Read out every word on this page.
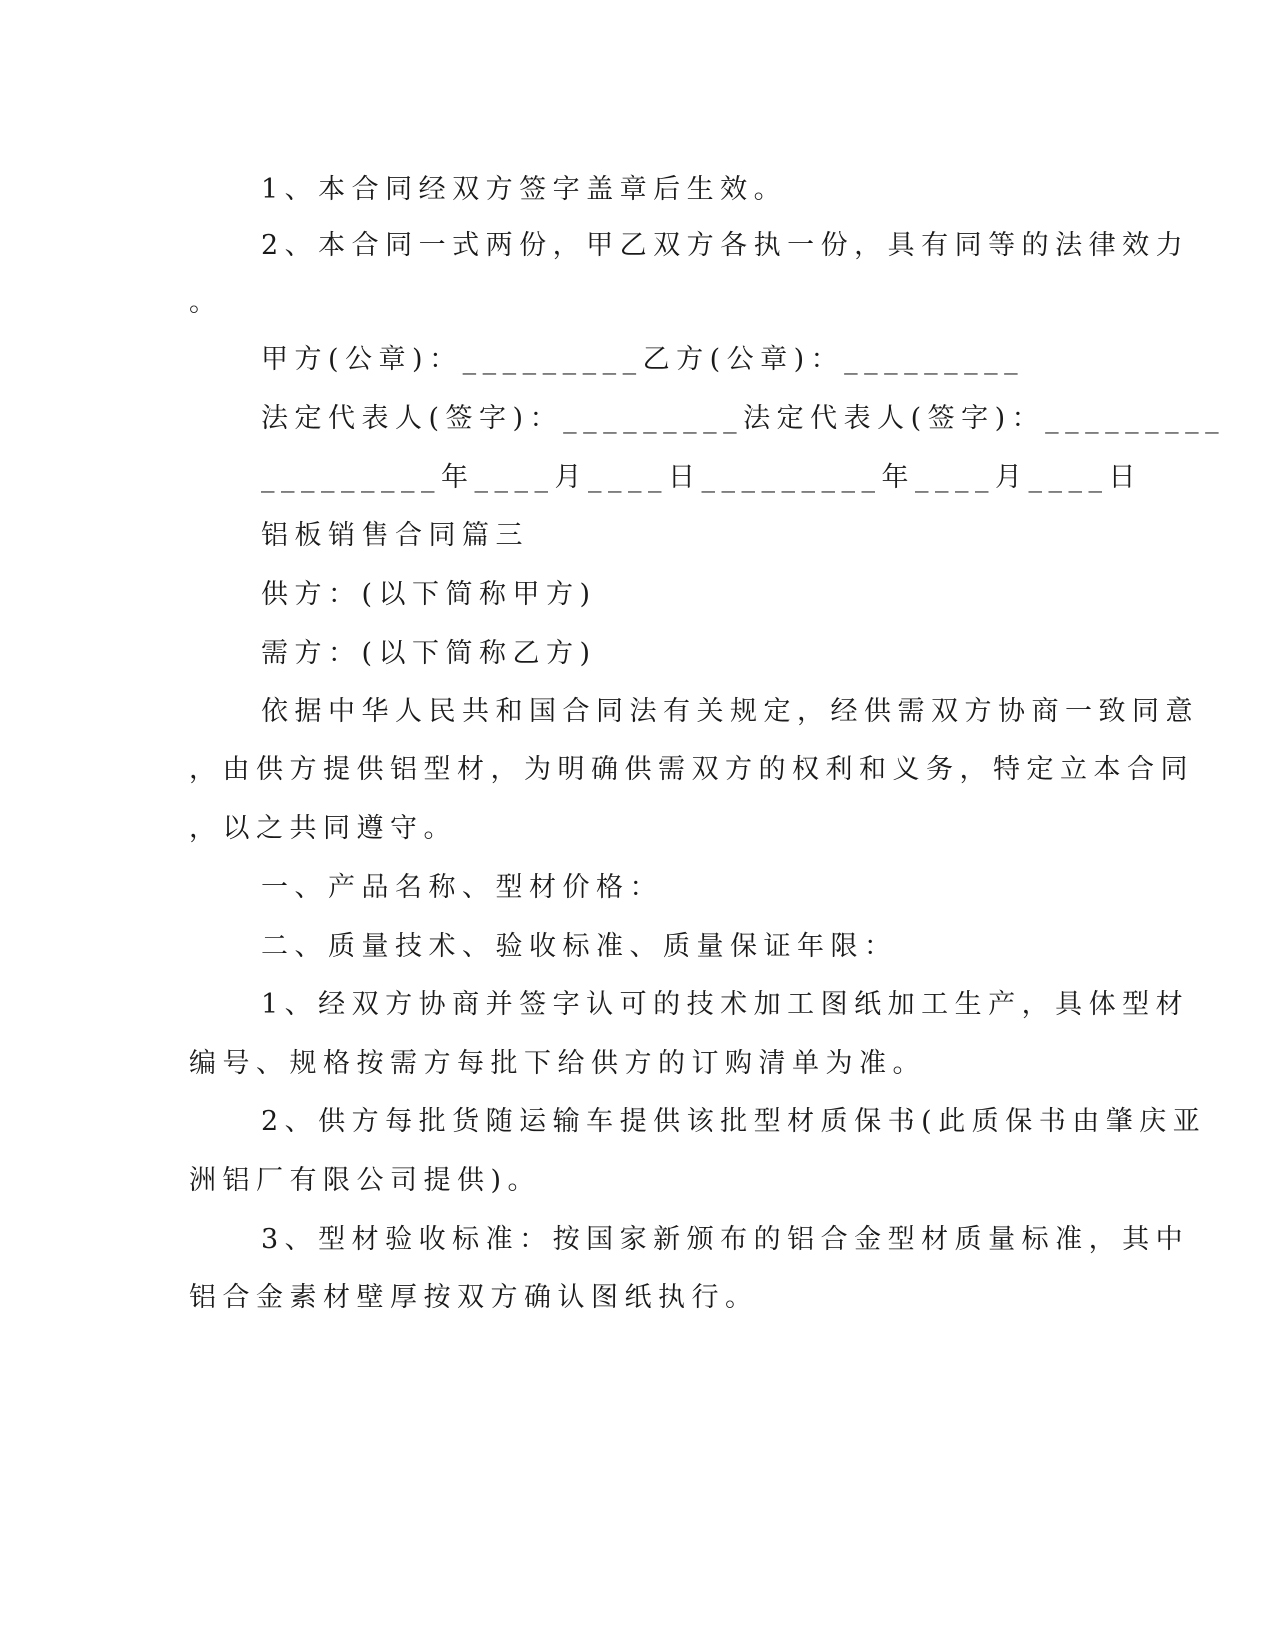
1、本合同经双方签字盖章后生效。
2、本合同一式两份，甲乙双方各执一份，具有同等的法律效力
。
甲方(公章)：_________乙方(公章)：_________
法定代表人(签字)：_________法定代表人(签字)：_________
_________年____月____日_________年____月____日
铝板销售合同篇三
供方：(以下简称甲方)
需方：(以下简称乙方)
依据中华人民共和国合同法有关规定，经供需双方协商一致同意
，由供方提供铝型材，为明确供需双方的权利和义务，特定立本合同
，以之共同遵守。
一、产品名称、型材价格：
二、质量技术、验收标准、质量保证年限：
1、经双方协商并签字认可的技术加工图纸加工生产，具体型材
编号、规格按需方每批下给供方的订购清单为准。
2、供方每批货随运输车提供该批型材质保书(此质保书由肇庆亚
洲铝厂有限公司提供)。
3、型材验收标准：按国家新颁布的铝合金型材质量标准，其中
铝合金素材壁厚按双方确认图纸执行。
